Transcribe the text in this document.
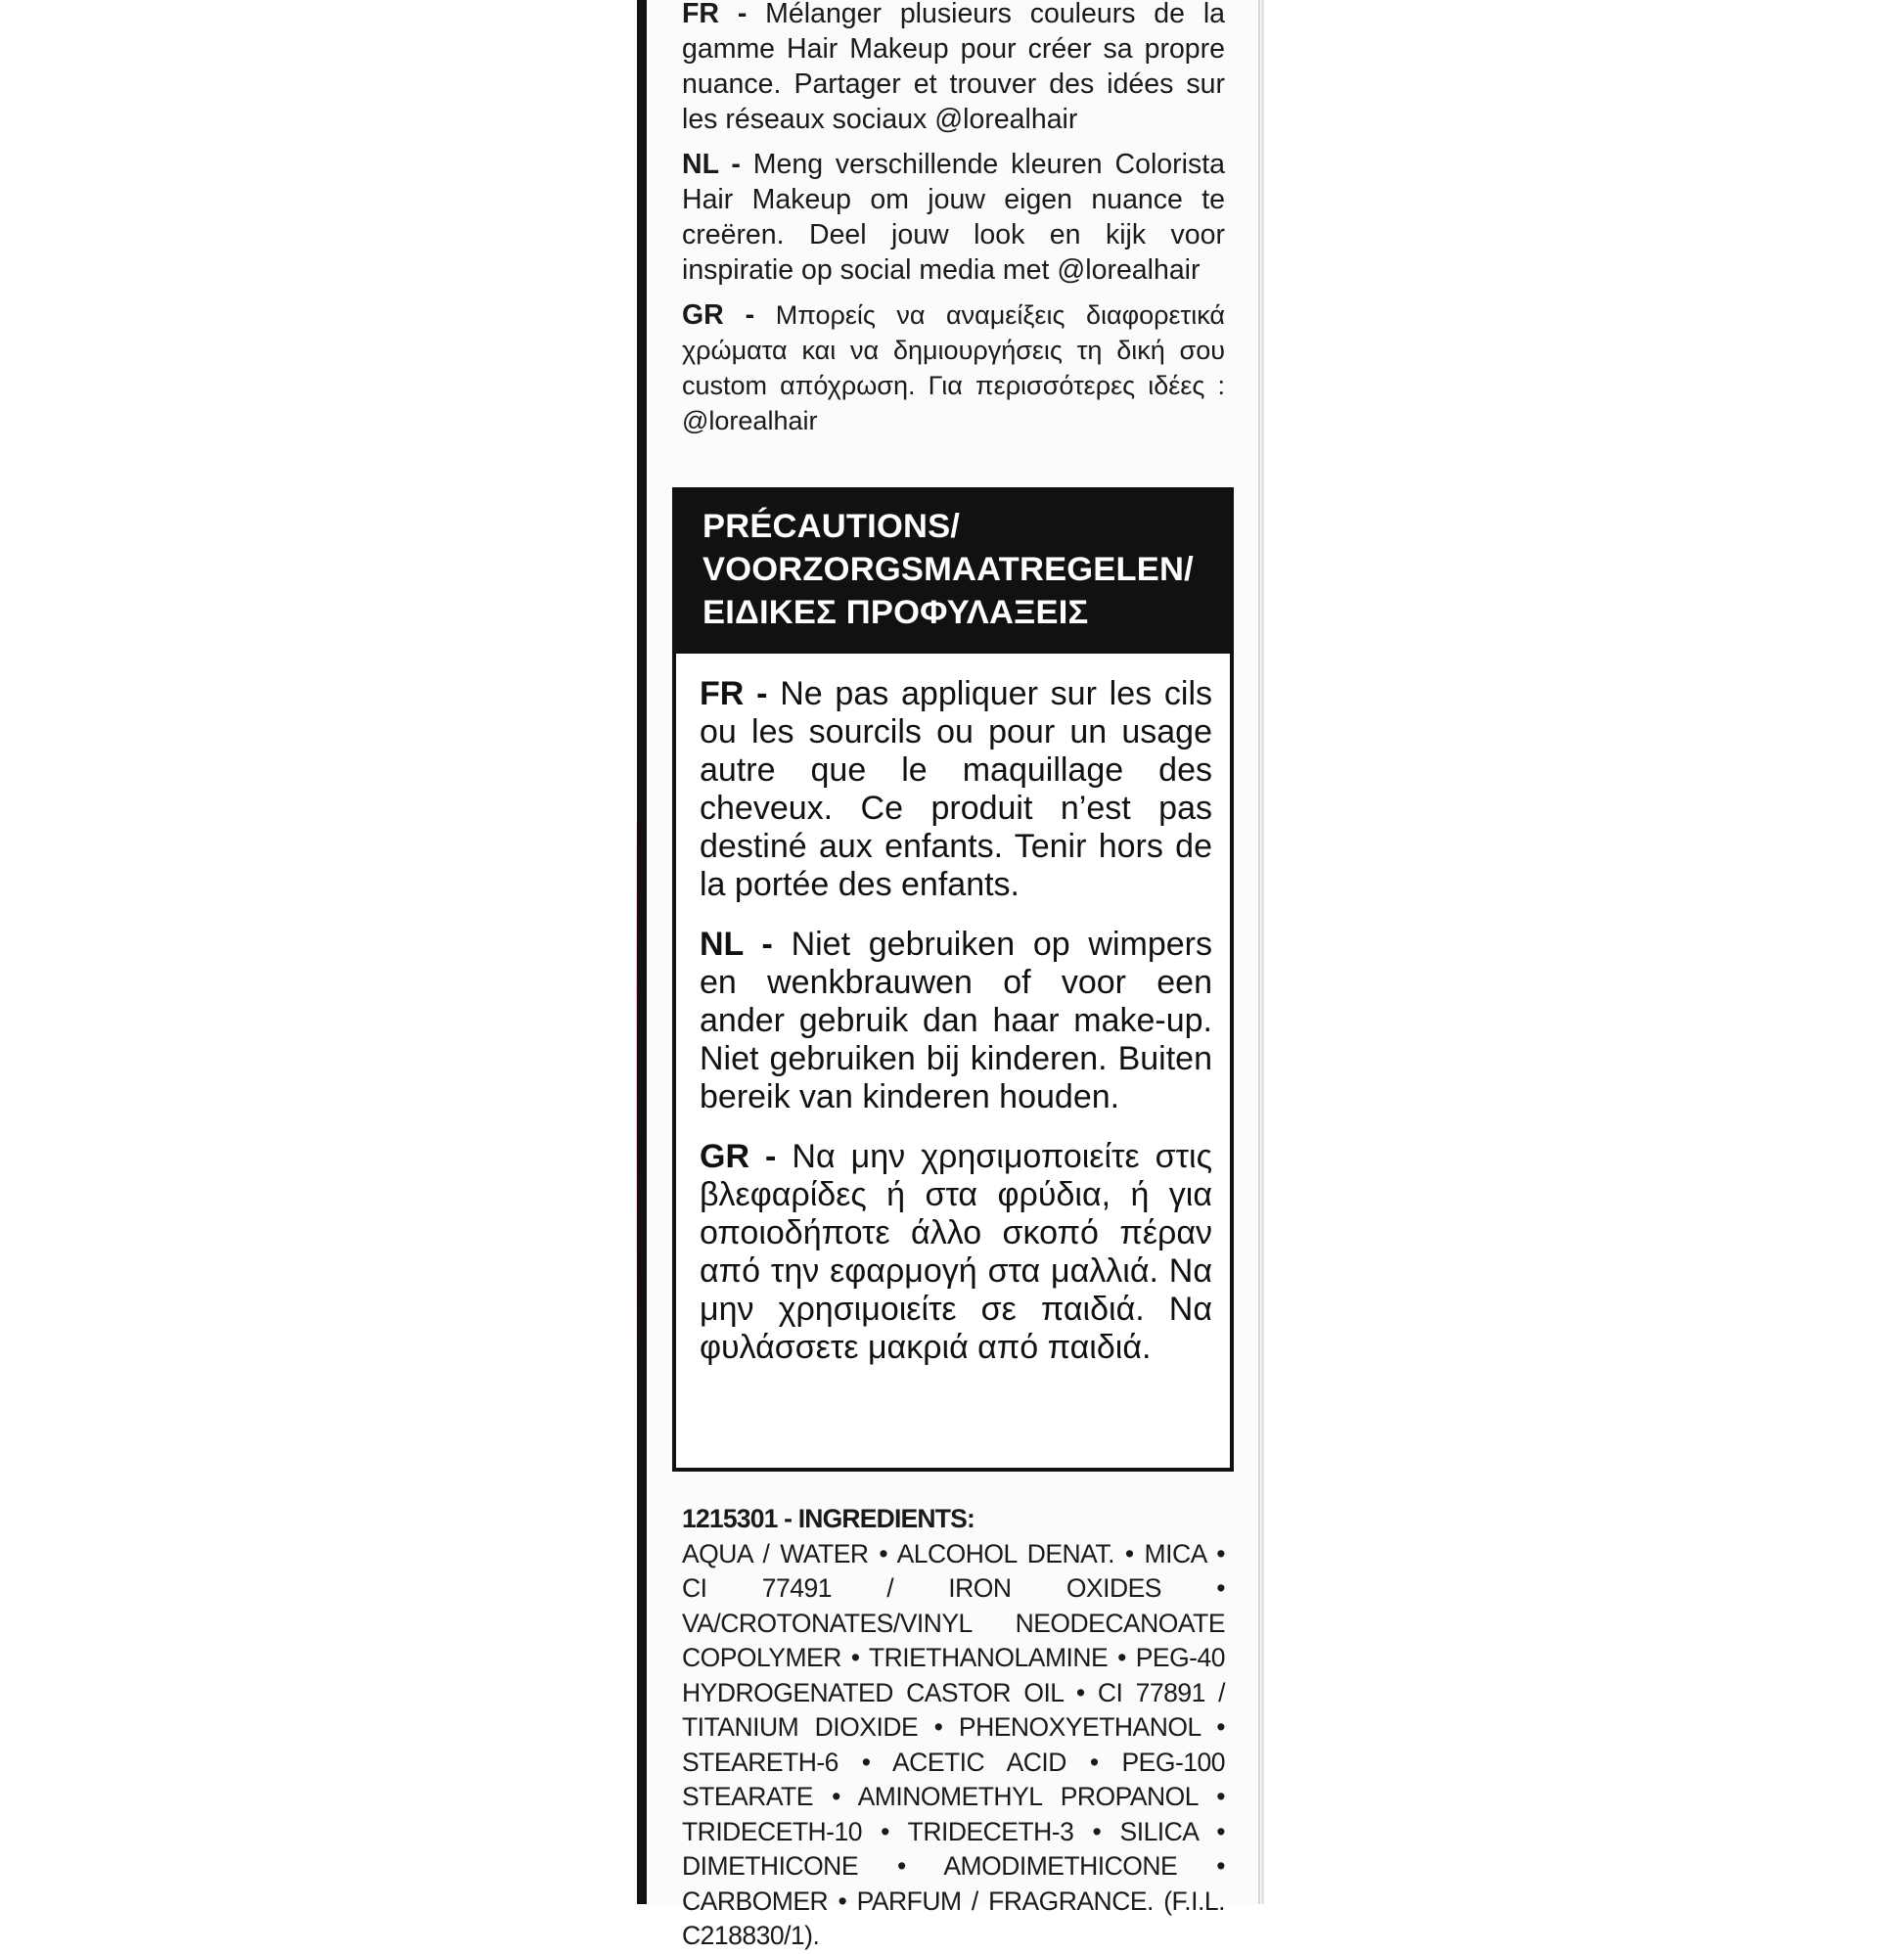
FR - Mélanger plusieurs couleurs de la gamme Hair Makeup pour créer sa propre nuance. Partager et trouver des idées sur les réseaux sociaux @lorealhair

NL - Meng verschillende kleuren Colorista Hair Makeup om jouw eigen nuance te creëren. Deel jouw look en kijk voor inspiratie op social media met @lorealhair

GR - Μπορείς να αναμείξεις διαφορετικά χρώματα και να δημιουργήσεις τη δική σου custom απόχρωση. Για περισσότερες ιδέες : @lorealhair

PRÉCAUTIONS/
VOORZORGSMAATREGELEN/
ΕΙΔΙΚΕΣ ΠΡΟΦΥΛΑΞΕΙΣ

FR - Ne pas appliquer sur les cils ou les sourcils ou pour un usage autre que le maquillage des cheveux. Ce produit n’est pas destiné aux enfants. Tenir hors de la portée des enfants.

NL - Niet gebruiken op wimpers en wenkbrauwen of voor een ander gebruik dan haar make-up. Niet gebruiken bij kinderen. Buiten bereik van kinderen houden.

GR - Να μην χρησιμοποιείτε στις βλεφαρίδες ή στα φρύδια, ή για οποιοδήποτε άλλο σκοπό πέραν από την εφαρμογή στα μαλλιά. Να μην χρησιμοιείτε σε παιδιά. Να φυλάσσετε μακριά από παιδιά.

1215301 - INGREDIENTS:
AQUA / WATER • ALCOHOL DENAT. • MICA • CI 77491 / IRON OXIDES • VA/CROTONATES/VINYL NEODECANOATE COPOLYMER • TRIETHANOLAMINE • PEG-40 HYDROGENATED CASTOR OIL • CI 77891 / TITANIUM DIOXIDE • PHENOXYETHANOL • STEARETH-6 • ACETIC ACID • PEG-100 STEARATE • AMINOMETHYL PROPANOL • TRIDECETH-10 • TRIDECETH-3 • SILICA • DIMETHICONE • AMODIMETHICONE • CARBOMER • PARFUM / FRAGRANCE. (F.I.L. C218830/1).
